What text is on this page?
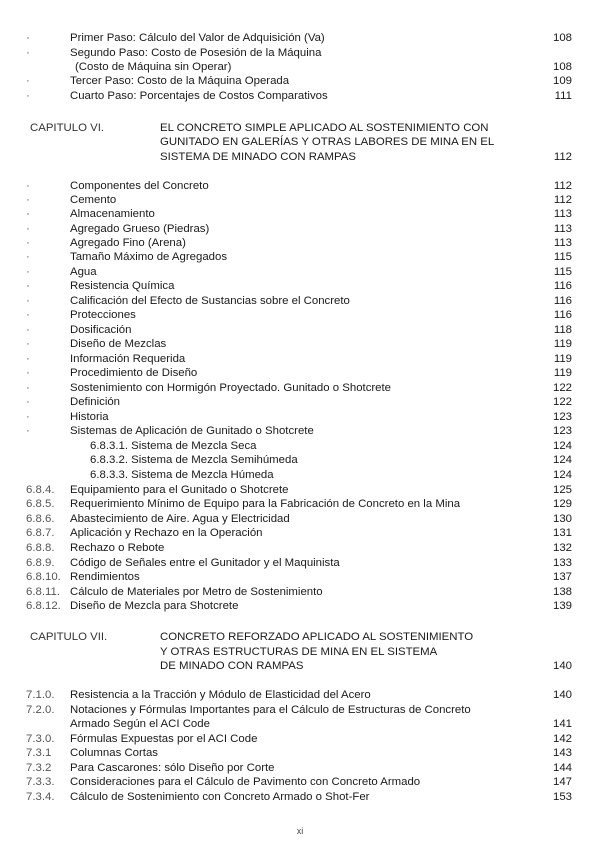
·	Primer Paso: Cálculo del Valor de Adquisición (Va)	108
·	Segundo Paso: Costo de Posesión de la Máquina
(Costo de Máquina sin Operar)	108
·	Tercer Paso: Costo de la Máquina Operada	109
·	Cuarto Paso: Porcentajes de Costos Comparativos	111
CAPITULO VI.	EL CONCRETO SIMPLE APLICADO AL SOSTENIMIENTO CON
GUNITADO EN GALERÍAS Y OTRAS LABORES DE MINA EN EL
SISTEMA DE MINADO CON RAMPAS	112
·	Componentes del Concreto	112
·	Cemento	112
·	Almacenamiento	113
·	Agregado Grueso (Piedras)	113
·	Agregado Fino (Arena)	113
·	Tamaño Máximo de Agregados	115
·	Agua	115
·	Resistencia Química	116
·	Calificación del Efecto de Sustancias sobre el Concreto	116
·	Protecciones	116
·	Dosificación	118
·	Diseño de Mezclas	119
·	Información Requerida	119
·	Procedimiento de Diseño	119
·	Sostenimiento con Hormigón Proyectado. Gunitado o Shotcrete	122
·	Definición	122
·	Historia	123
·	Sistemas de Aplicación de Gunitado o Shotcrete	123
6.8.3.1. Sistema de Mezcla Seca	124
6.8.3.2. Sistema de Mezcla Semihúmeda	124
6.8.3.3. Sistema de Mezcla Húmeda	124
6.8.4. Equipamiento para el Gunitado o Shotcrete	125
6.8.5. Requerimiento Mínimo de Equipo para la Fabricación de Concreto en la Mina	129
6.8.6. Abastecimiento de Aire. Agua y Electricidad	130
6.8.7. Aplicación y Rechazo en la Operación	131
6.8.8. Rechazo o Rebote	132
6.8.9. Código de Señales entre el Gunitador y el Maquinista	133
6.8.10. Rendimientos	137
6.8.11. Cálculo de Materiales por Metro de Sostenimiento	138
6.8.12. Diseño de Mezcla para Shotcrete	139
CAPITULO VII.	CONCRETO REFORZADO APLICADO AL SOSTENIMIENTO
Y OTRAS ESTRUCTURAS DE MINA EN EL SISTEMA
DE MINADO CON RAMPAS	140
7.1.0. Resistencia a la Tracción y Módulo de Elasticidad del Acero	140
7.2.0. Notaciones y Fórmulas Importantes para el Cálculo de Estructuras de Concreto
Armado Según el ACI Code	141
7.3.0. Fórmulas Expuestas por el ACI Code	142
7.3.1 Columnas Cortas	143
7.3.2 Para Cascarones: sólo Diseño por Corte	144
7.3.3. Consideraciones para el Cálculo de Pavimento con Concreto Armado	147
7.3.4. Cálculo de Sostenimiento con Concreto Armado o Shot-Fer	153
xi
